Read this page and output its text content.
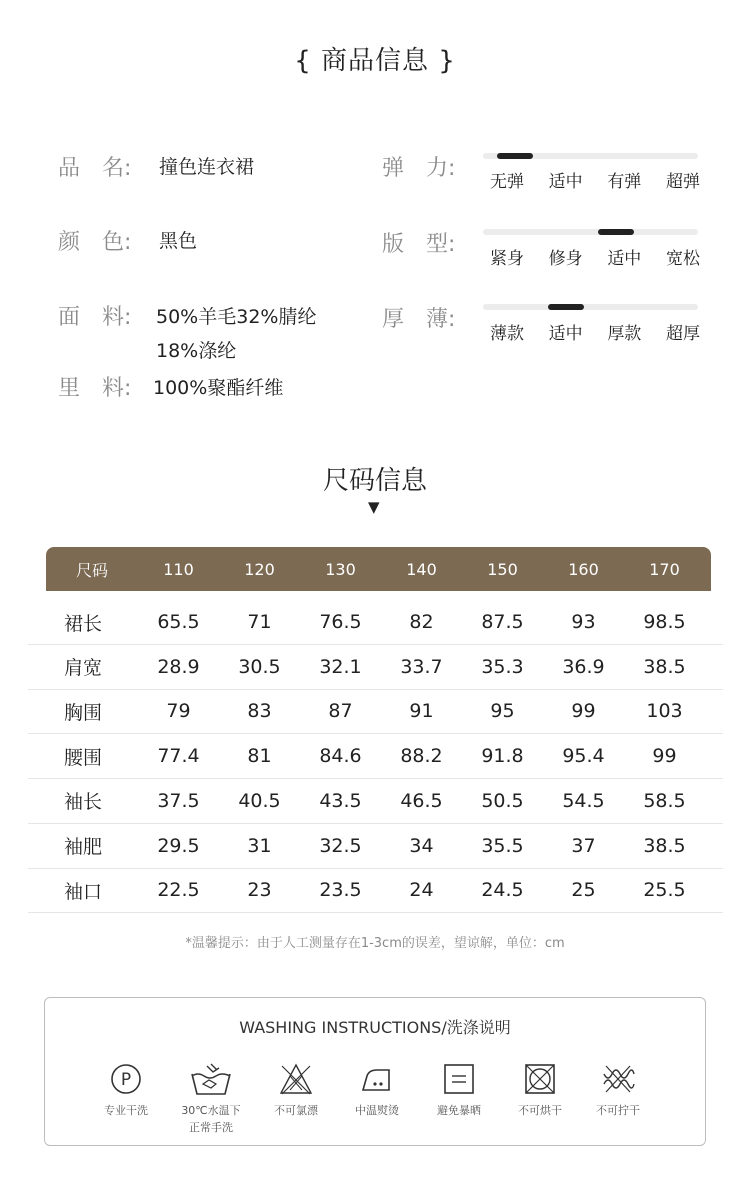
{ 商品信息 }
品　名: 撞色连衣裙
颜　色: 黑色
面　料: 50%羊毛32%腈纶
18%涤纶
里　料: 100%聚酯纤维
弹　力:
无弹 适中 有弹 超弹
版　型:
紧身 修身 适中 宽松
厚　薄:
薄款 适中 厚款 超厚
尺码信息
▼
尺码	110	120	130	140	150	160	170
裙长	65.5	71	76.5	82	87.5	93	98.5
肩宽	28.9	30.5	32.1	33.7	35.3	36.9	38.5
胸围	79	83	87	91	95	99	103
腰围	77.4	81	84.6	88.2	91.8	95.4	99
袖长	37.5	40.5	43.5	46.5	50.5	54.5	58.5
袖肥	29.5	31	32.5	34	35.5	37	38.5
袖口	22.5	23	23.5	24	24.5	25	25.5
*温馨提示：由于人工测量存在1-3cm的误差，望谅解，单位：cm
WASHING INSTRUCTIONS/洗涤说明
P
专业干洗	30℃水温下
正常手洗
不可氯漂	中温熨烫	避免暴晒	不可烘干	不可拧干
